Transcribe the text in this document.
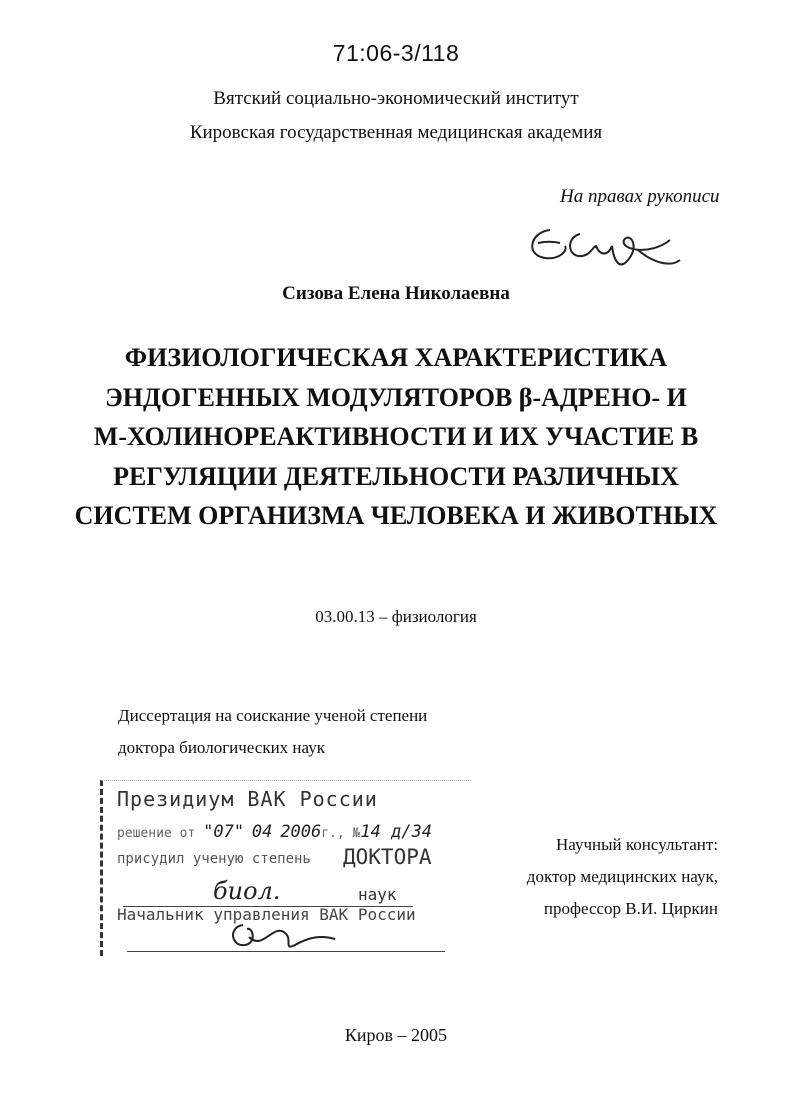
71:06-3/118
Вятский социально-экономический институт
Кировская государственная медицинская академия
На правах рукописи
Сизова Елена Николаевна
ФИЗИОЛОГИЧЕСКАЯ ХАРАКТЕРИСТИКА
ЭНДОГЕННЫХ МОДУЛЯТОРОВ β-АДРЕНО- И
М-ХОЛИНОРЕАКТИВНОСТИ И ИХ УЧАСТИЕ В
РЕГУЛЯЦИИ ДЕЯТЕЛЬНОСТИ РАЗЛИЧНЫХ
СИСТЕМ ОРГАНИЗМА ЧЕЛОВЕКА И ЖИВОТНЫХ
03.00.13 – физиология
Диссертация на соискание ученой степени
доктора биологических наук
Президиум ВАК России
решение от "07" 04 2006г., №14 д/34
присудил ученую степень ДОКТОРА
биол.	наук
Начальник управления ВАК России
Научный консультант:
доктор медицинских наук,
профессор В.И. Циркин
Киров – 2005
